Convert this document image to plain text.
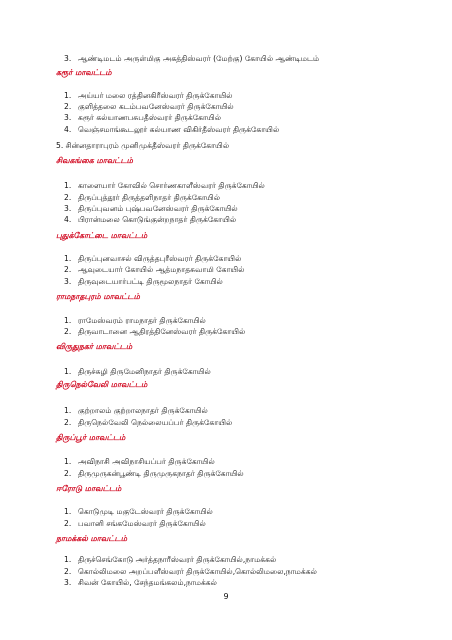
3. ஆண்டிமடம் அருள்மிகு அகத்திஸ்வரர் (மேற்கு) கோயில் ஆண்டிமடம்
கரூர் மாவட்டம்
1. அய்யர் மலை ரத்தினகிரீஸ்வரர் திருக்கோயில்
2. குளித்தலை கடம்பவனேஸ்வரர் திருக்கோயில்
3. கரூர் கல்யாணபசுபதீஸ்வரர் திருக்கோயில்
4. வெஞ்சமாங்கூடலூர் கல்யாண விகிர்தீஸ்வரர் திருக்கோயில்
5. சின்னதாராபுரம் முனிமுக்தீஸ்வரர் திருக்கோயில்
சிவகங்கை மாவட்டம்
1. காளையார் கோவில் சொர்ணகாளீஸ்வரர் திருக்கோயில்
2. திருப்புத்தூர் திருத்தளிநாதர் திருக்கோயில்
3. திருப்புவனம் புஷ்பவனேஸ்வரர் திருக்கோயில்
4. பிரான்மலை கொடுங்குன்றநாதர் திருக்கோயில்
புதுக்கோட்டை மாவட்டம்
1. திருப்புனவாசல் விருத்தபுரீஸ்வரர் திருக்கோயில்
2. ஆவுடையார் கோயில் ஆத்மநாதசுவாமி கோயில்
3. திருவுடையார்பட்டி திருமூலநாதர் கோயில்
ராமநாதபுரம் மாவட்டம்
1. ராமேஸ்வரம் ராமநாதர் திருக்கோயில்
2. திருவாடானை ஆதிரத்தினேஸ்வரர் திருக்கோயில்
விருதுநகர் மாவட்டம்
1. திருச்சுழி திருமேனிநாதர் திருக்கோயில்
திருநெல்வேலி மாவட்டம்
1. குற்றாலம் குற்றாலநாதர் திருக்கோயில்
2. திருநெல்வேலி நெல்லையப்பர் திருக்கோயில்
திருப்பூர் மாவட்டம்
1. அவிநாசி அவிநாசியப்பர் திருக்கோயில்
2. திருமுருகன்பூண்டி திருமுருகநாதர் திருக்கோயில்
ஈரோடு மாவட்டம்
1. கொடுமுடி மகுடேஸ்வரர் திருக்கோயில்
2. பவானி சங்கமேஸ்வரர் திருக்கோயில்
நாமக்கல் மாவட்டம்
1. திருச்செங்கோடு அர்த்தநாரீஸ்வரர் திருக்கோயில்,நாமக்கல்
2. கொல்லிமலை அறப்பளீஸ்வரர் திருக்கோயில்,கொல்லிமலை,நாமக்கல்
3. சிவன் கோயில், சேந்தமங்கலம்,நாமக்கல்
9
